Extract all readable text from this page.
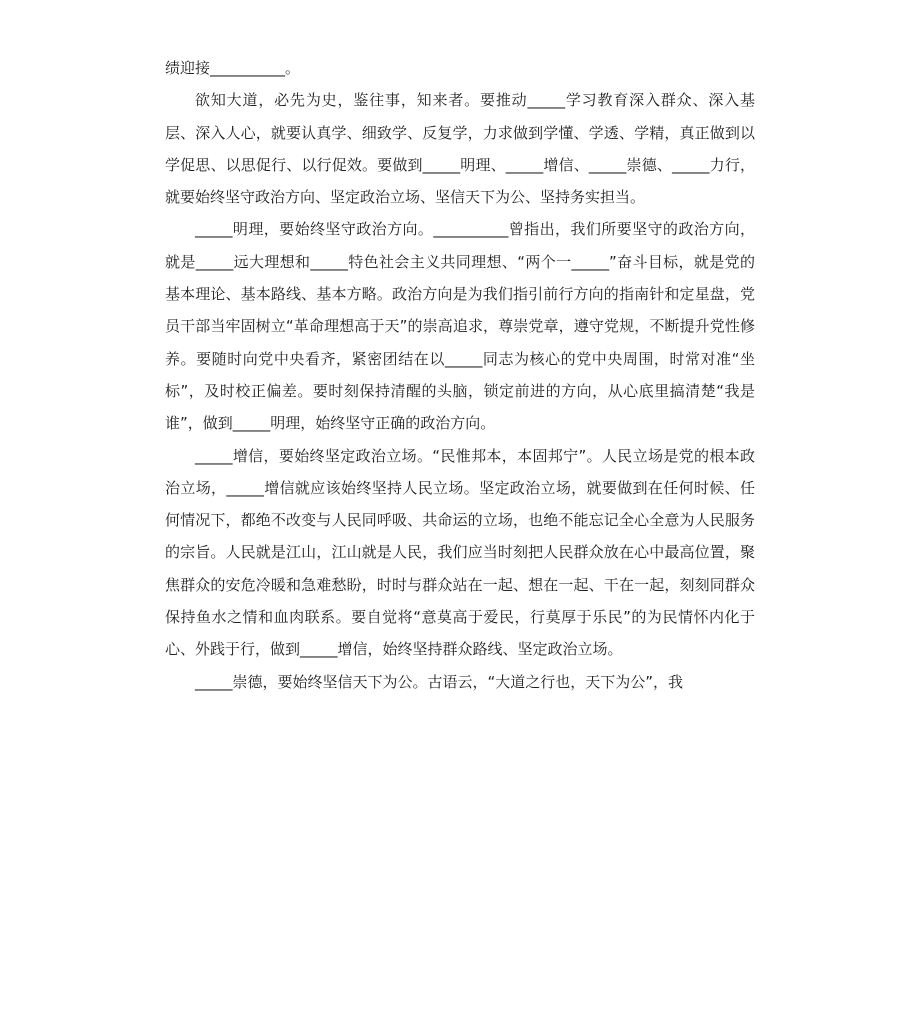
绩迎接__________。

欲知大道，必先为史，鉴往事，知来者。要推动_____学习教育深入群众、深入基层、深入人心，就要认真学、细致学、反复学，力求做到学懂、学透、学精，真正做到以学促思、以思促行、以行促效。要做到_____明理、_____增信、_____崇德、_____力行，就要始终坚守政治方向、坚定政治立场、坚信天下为公、坚持务实担当。

_____明理，要始终坚守政治方向。__________曾指出，我们所要坚守的政治方向，就是_____远大理想和_____特色社会主义共同理想、“两个一_____”奋斗目标，就是党的基本理论、基本路线、基本方略。政治方向是为我们指引前行方向的指南针和定星盘，党员干部当牢固树立“革命理想高于天”的崇高追求，尊崇党章，遵守党规，不断提升党性修养。要随时向党中央看齐，紧密团结在以_____同志为核心的党中央周围，时常对准“坐标”，及时校正偏差。要时刻保持清醒的头脑，锁定前进的方向，从心底里搞清楚“我是谁”，做到_____明理，始终坚守正确的政治方向。

_____增信，要始终坚定政治立场。“民惟邦本，本固邦宁”。人民立场是党的根本政治立场，_____增信就应该始终坚持人民立场。坚定政治立场，就要做到在任何时候、任何情况下，都绝不改变与人民同呼吸、共命运的立场，也绝不能忘记全心全意为人民服务的宗旨。人民就是江山，江山就是人民，我们应当时刻把人民群众放在心中最高位置，聚焦群众的安危冷暖和急难愁盼，时时与群众站在一起、想在一起、干在一起，刻刻同群众保持鱼水之情和血肉联系。要自觉将“意莫高于爱民，行莫厚于乐民”的为民情怀内化于心、外践于行，做到_____增信，始终坚持群众路线、坚定政治立场。

_____崇德，要始终坚信天下为公。古语云，“大道之行也，天下为公”，我
